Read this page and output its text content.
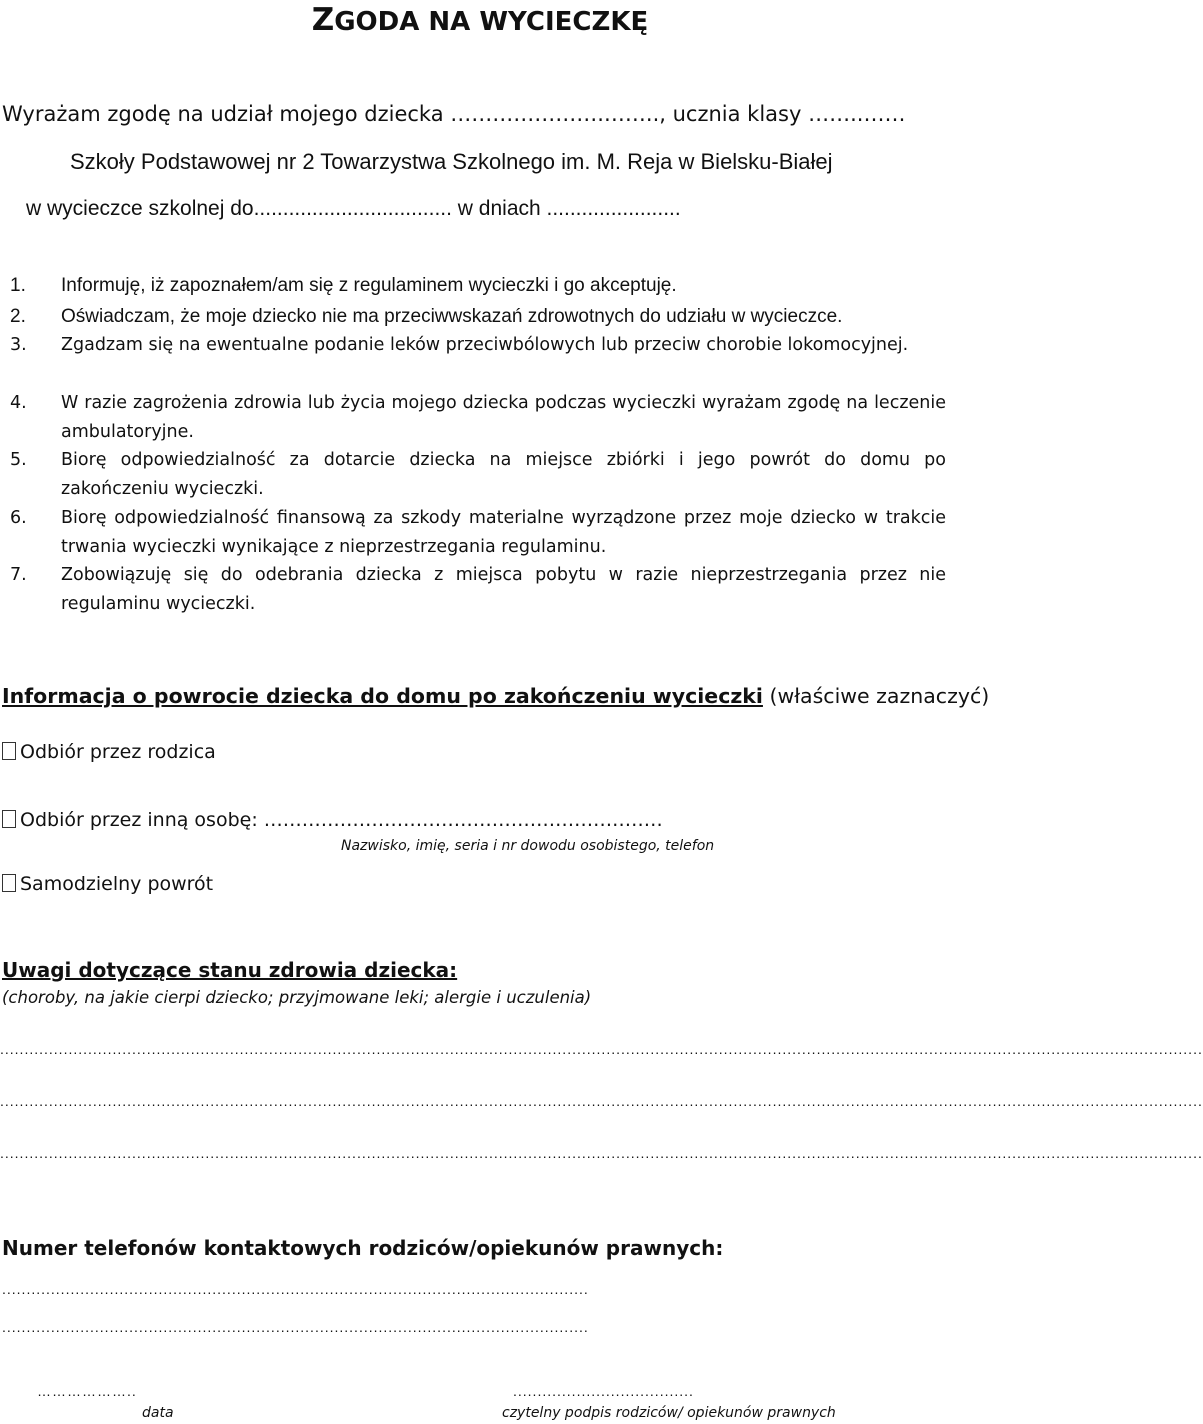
ZGODA NA WYCIECZKĘ
Wyrażam zgodę na udział mojego dziecka ………………….…….., ucznia klasy ……..……
Szkoły Podstawowej nr 2 Towarzystwa Szkolnego im. M. Reja w Bielsku-Białej
w wycieczce szkolnej do.................................. w dniach .......................
1. Informuję, iż zapoznałem/am się z regulaminem wycieczki i go akceptuję.
2. Oświadczam, że moje dziecko nie ma przeciwwskazań zdrowotnych do udziału w wycieczce.
3. Zgadzam się na ewentualne podanie leków przeciwbólowych lub przeciw chorobie lokomocyjnej.
4. W razie zagrożenia zdrowia lub życia mojego dziecka podczas wycieczki wyrażam zgodę na leczenie ambulatoryjne.
5. Biorę odpowiedzialność za dotarcie dziecka na miejsce zbiórki i jego powrót do domu po zakończeniu wycieczki.
6. Biorę odpowiedzialność finansową za szkody materialne wyrządzone przez moje dziecko w trakcie trwania wycieczki wynikające z nieprzestrzegania regulaminu.
7. Zobowiązuję się do odebrania dziecka z miejsca pobytu w razie nieprzestrzegania przez nie regulaminu wycieczki.
Informacja o powrocie dziecka do domu po zakończeniu wycieczki (właściwe zaznaczyć)
Odbiór przez rodzica
Odbiór przez inną osobę: ………………………………………………………
Nazwisko, imię, seria i nr dowodu osobistego, telefon
Samodzielny powrót
Uwagi dotyczące stanu zdrowia dziecka:
(choroby, na jakie cierpi dziecko; przyjmowane leki; alergie i uczulenia)
.....
.....
.....
Numer telefonów kontaktowych rodziców/opiekunów prawnych:
.....
.....
………………..
data
.....................................
czytelny podpis rodziców/ opiekunów prawnych
